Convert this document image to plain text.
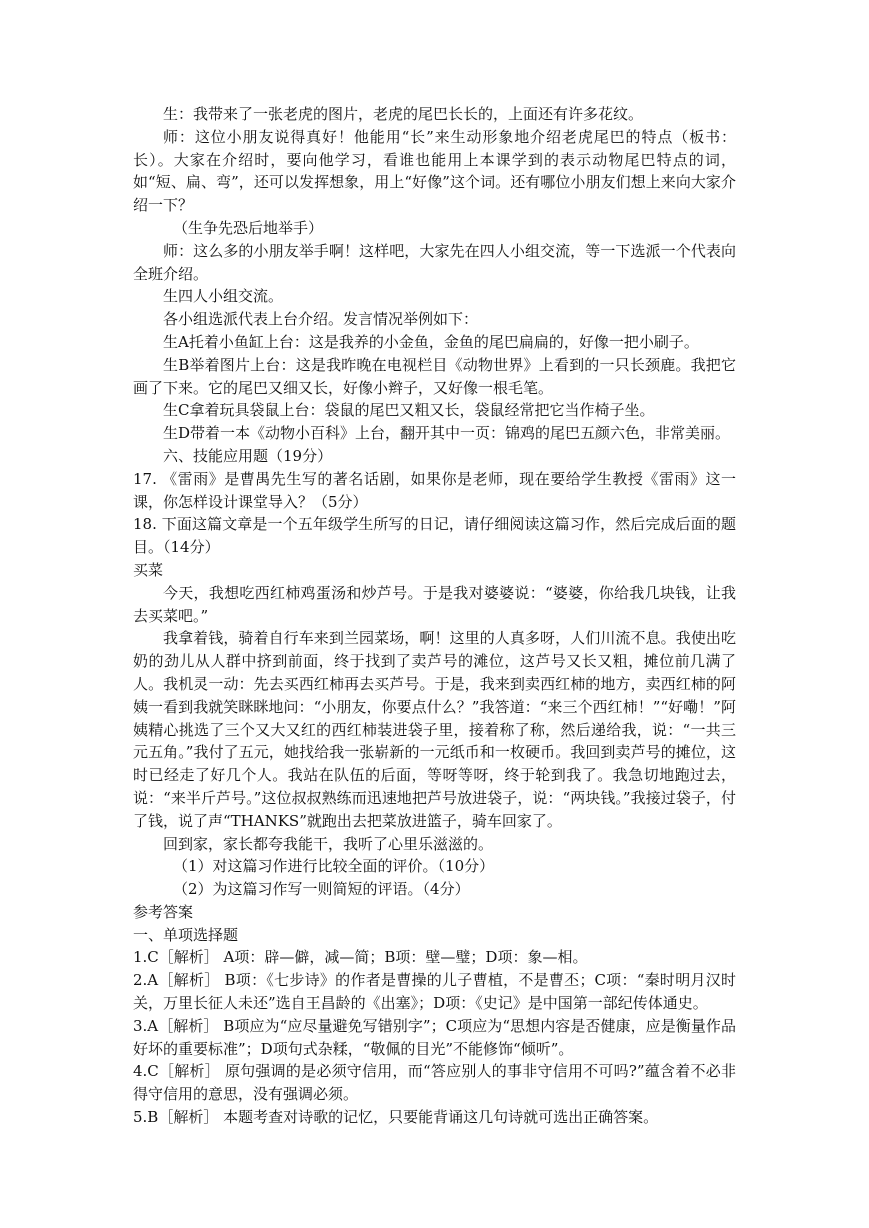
生：我带来了一张老虎的图片，老虎的尾巴长长的，上面还有许多花纹。

师：这位小朋友说得真好！他能用“长”来生动形象地介绍老虎尾巴的特点（板书：长）。大家在介绍时，要向他学习，看谁也能用上本课学到的表示动物尾巴特点的词，如“短、扁、弯”，还可以发挥想象，用上“好像”这个词。还有哪位小朋友们想上来向大家介绍一下？

（生争先恐后地举手）

师：这么多的小朋友举手啊！这样吧，大家先在四人小组交流，等一下选派一个代表向全班介绍。

生四人小组交流。

各小组选派代表上台介绍。发言情况举例如下：

生A托着小鱼缸上台：这是我养的小金鱼，金鱼的尾巴扁扁的，好像一把小刷子。

生B举着图片上台：这是我昨晚在电视栏目《动物世界》上看到的一只长颈鹿。我把它画了下来。它的尾巴又细又长，好像小辫子，又好像一根毛笔。

生C拿着玩具袋鼠上台：袋鼠的尾巴又粗又长，袋鼠经常把它当作椅子坐。

生D带着一本《动物小百科》上台，翻开其中一页：锦鸡的尾巴五颜六色，非常美丽。

六、技能应用题（19分）

17. 《雷雨》是曹禺先生写的著名话剧，如果你是老师，现在要给学生教授《雷雨》这一课，你怎样设计课堂导入？（5分）

18. 下面这篇文章是一个五年级学生所写的日记，请仔细阅读这篇习作，然后完成后面的题目。（14分）

买菜

今天，我想吃西红柿鸡蛋汤和炒芦号。于是我对婆婆说：“婆婆，你给我几块钱，让我去买菜吧。”

我拿着钱，骑着自行车来到兰园菜场，啊！这里的人真多呀，人们川流不息。我使出吃奶的劲儿从人群中挤到前面，终于找到了卖芦号的滩位，这芦号又长又粗，摊位前几满了人。我机灵一动：先去买西红柿再去买芦号。于是，我来到卖西红柿的地方，卖西红柿的阿姨一看到我就笑眯眯地问：“小朋友，你要点什么？”我答道：“来三个西红柿！”“好嘞！”阿姨精心挑选了三个又大又红的西红柿装进袋子里，接着称了称，然后递给我，说：“一共三元五角。”我付了五元，她找给我一张崭新的一元纸币和一枚硬币。我回到卖芦号的摊位，这时已经走了好几个人。我站在队伍的后面，等呀等呀，终于轮到我了。我急切地跑过去，说：“来半斤芦号。”这位叔叔熟练而迅速地把芦号放进袋子，说：“两块钱。”我接过袋子，付了钱，说了声“THANKS”就跑出去把菜放进篮子，骑车回家了。

回到家，家长都夸我能干，我听了心里乐滋滋的。

（1）对这篇习作进行比较全面的评价。（10分）

（2）为这篇习作写一则简短的评语。（4分）

参考答案

一、单项选择题

1.C［解析］ A项：辟—僻，减—简；B项：壁—璧；D项：象—相。

2.A［解析］ B项：《七步诗》的作者是曹操的儿子曹植，不是曹丕；C项：“秦时明月汉时关，万里长征人未还”选自王昌龄的《出塞》；D项：《史记》是中国第一部纪传体通史。

3.A［解析］ B项应为“应尽量避免写错别字”；C项应为“思想内容是否健康，应是衡量作品好坏的重要标准”；D项句式杂糅，“敬佩的目光”不能修饰“倾听”。

4.C［解析］ 原句强调的是必须守信用，而“答应别人的事非守信用不可吗?”蕴含着不必非得守信用的意思，没有强调必须。

5.B［解析］ 本题考查对诗歌的记忆，只要能背诵这几句诗就可选出正确答案。
